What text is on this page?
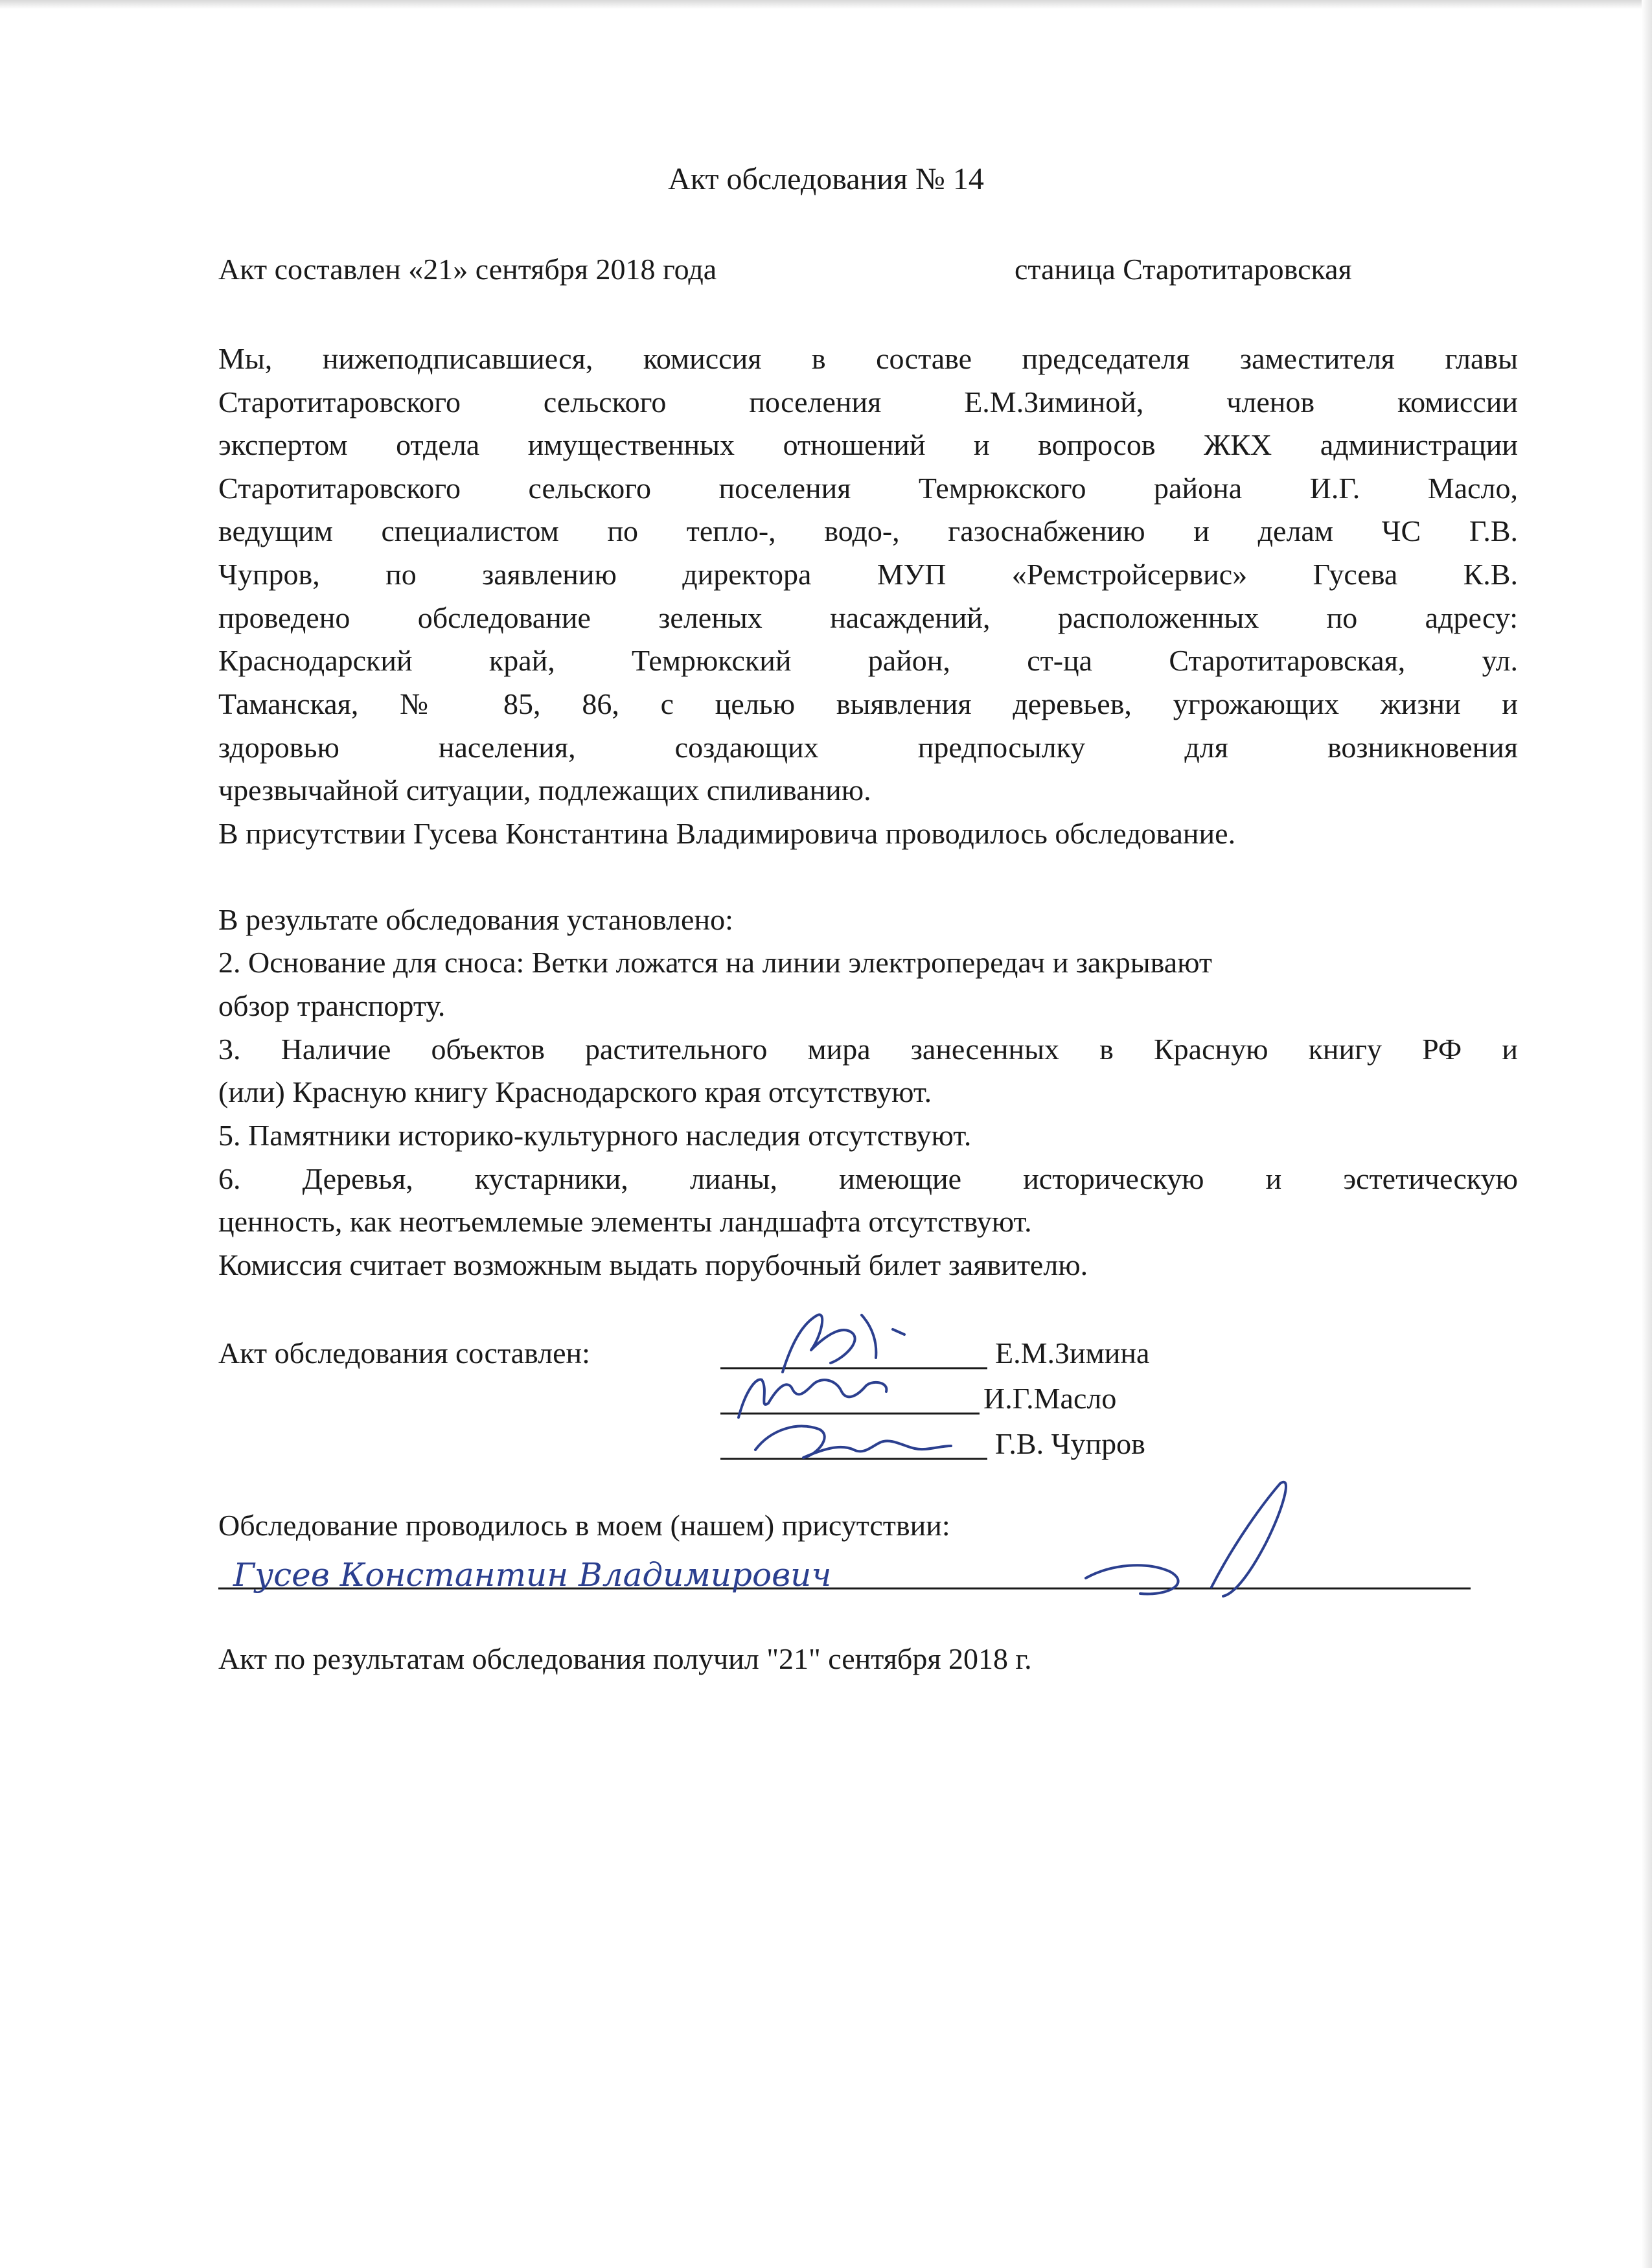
Акт обследования № 14
Акт составлен «21» сентября 2018 года	станица Старотитаровская
Мы, нижеподписавшиеся, комиссия в составе председателя заместителя главы
Старотитаровского сельского поселения Е.М.Зиминой, членов комиссии
экспертом отдела имущественных отношений и вопросов ЖКХ администрации
Старотитаровского сельского поселения Темрюкского района И.Г. Масло,
ведущим специалистом по тепло-, водо-, газоснабжению и делам ЧС Г.В.
Чупров, по заявлению директора МУП «Ремстройсервис» Гусева К.В.
проведено обследование зеленых насаждений, расположенных по адресу:
Краснодарский край, Темрюкский район, ст-ца Старотитаровская, ул.
Таманская, № 85, 86, с целью выявления деревьев, угрожающих жизни и
здоровью населения, создающих предпосылку для возникновения
чрезвычайной ситуации, подлежащих спиливанию.
В присутствии Гусева Константина Владимировича проводилось обследование.
В результате обследования установлено:
2. Основание для сноса: Ветки ложатся на линии электропередач и закрывают
обзор транспорту.
3. Наличие объектов растительного мира занесенных в Красную книгу РФ и
(или) Красную книгу Краснодарского края отсутствуют.
5. Памятники историко-культурного наследия отсутствуют.
6. Деревья, кустарники, лианы, имеющие историческую и эстетическую
ценность, как неотъемлемые элементы ландшафта отсутствуют.
Комиссия считает возможным выдать порубочный билет заявителю.
Акт обследования составлен:	Е.М.Зимина
И.Г.Масло
Г.В. Чупров
Обследование проводилось в моем (нашем) присутствии:
Акт по результатам обследования получил "21" сентября 2018 г.
Гусев Константин Владимирович
